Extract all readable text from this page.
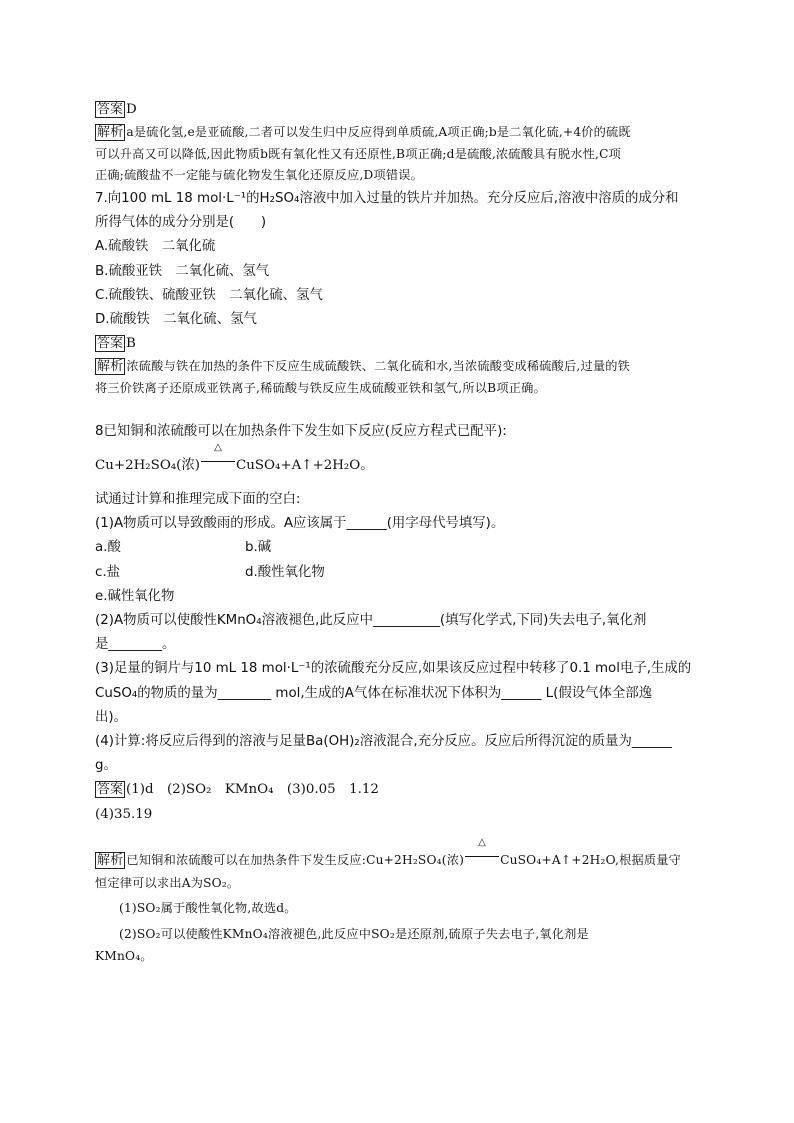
答案 D
解析 a是硫化氢,e是亚硫酸,二者可以发生归中反应得到单质硫,A项正确;b是二氧化硫,+4价的硫既
可以升高又可以降低,因此物质b既有氧化性又有还原性,B项正确;d是硫酸,浓硫酸具有脱水性,C项
正确;硫酸盐不一定能与硫化物发生氧化还原反应,D项错误。
7.向100 mL 18 mol·L⁻¹的H₂SO₄溶液中加入过量的铁片并加热。充分反应后,溶液中溶质的成分和
所得气体的成分分别是(　　)
A.硫酸铁　二氧化硫
B.硫酸亚铁　二氧化硫、氢气
C.硫酸铁、硫酸亚铁　二氧化硫、氢气
D.硫酸铁　二氧化硫、氢气
答案 B
解析 浓硫酸与铁在加热的条件下反应生成硫酸铁、二氧化硫和水,当浓硫酸变成稀硫酸后,过量的铁
将三价铁离子还原成亚铁离子,稀硫酸与铁反应生成硫酸亚铁和氢气,所以B项正确。
8已知铜和浓硫酸可以在加热条件下发生如下反应(反应方程式已配平):
Cu+2H₂SO₄(浓)
△
CuSO₄+A↑+2H₂O。
试通过计算和推理完成下面的空白:
(1)A物质可以导致酸雨的形成。A应该属于______(用字母代号填写)。
a.酸	b.碱
c.盐	d.酸性氧化物
e.碱性氧化物
(2)A物质可以使酸性KMnO₄溶液褪色,此反应中__________(填写化学式,下同)失去电子,氧化剂
是________。
(3)足量的铜片与10 mL 18 mol·L⁻¹的浓硫酸充分反应,如果该反应过程中转移了0.1 mol电子,生成的
CuSO₄的物质的量为________ mol,生成的A气体在标准状况下体积为______ L(假设气体全部逸
出)。
(4)计算:将反应后得到的溶液与足量Ba(OH)₂溶液混合,充分反应。反应后所得沉淀的质量为______
g。
答案 (1)d　(2)SO₂　KMnO₄　(3)0.05　1.12
(4)35.19
解析 已知铜和浓硫酸可以在加热条件下发生反应:Cu+2H₂SO₄(浓)
△
CuSO₄+A↑+2H₂O,根据质量守
恒定律可以求出A为SO₂。
(1)SO₂属于酸性氧化物,故选d。
(2)SO₂可以使酸性KMnO₄溶液褪色,此反应中SO₂是还原剂,硫原子失去电子,氧化剂是
KMnO₄。
